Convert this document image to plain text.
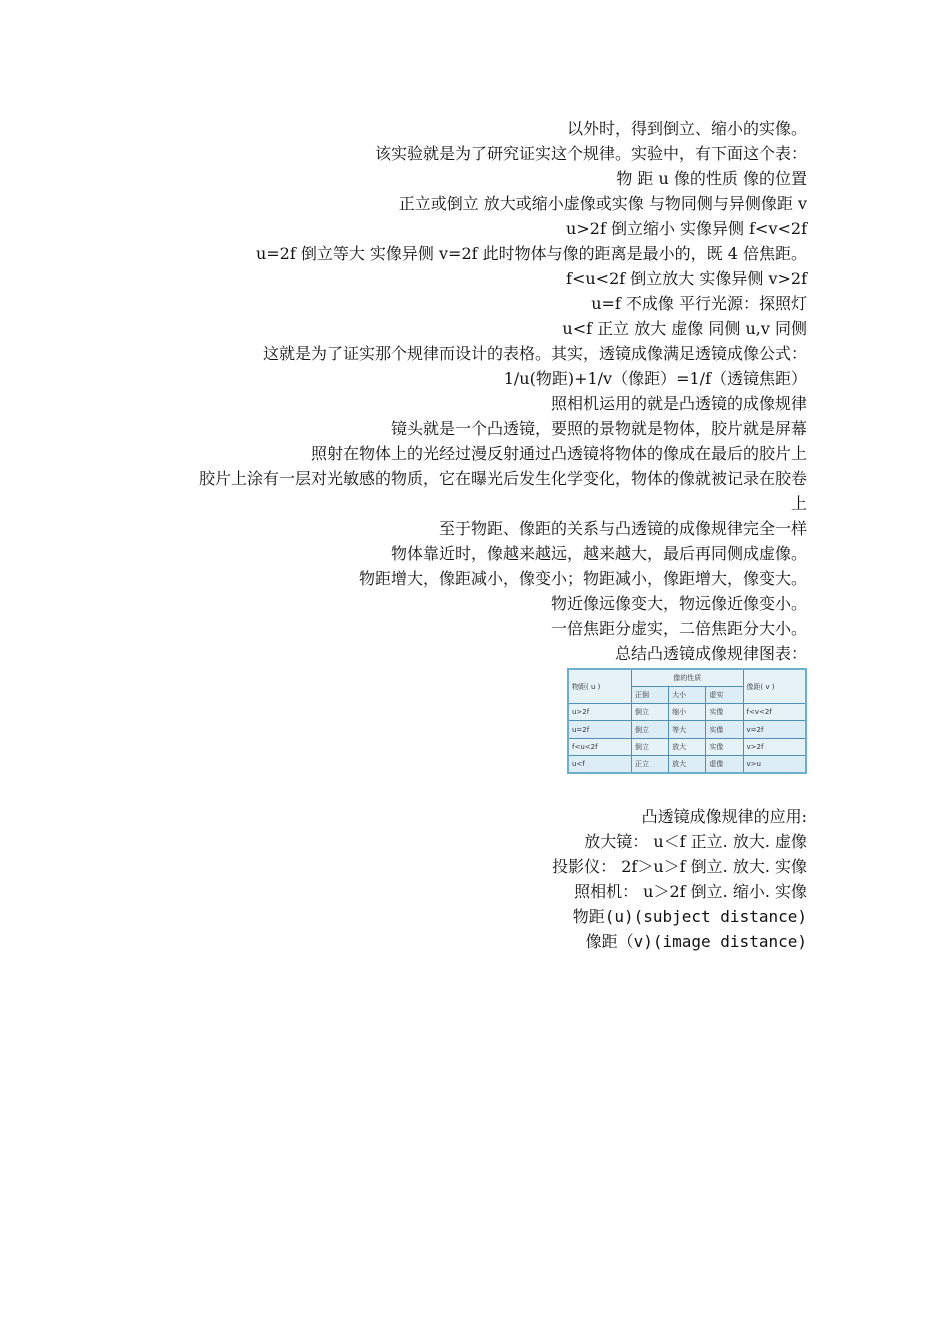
以外时，得到倒立、缩小的实像。
该实验就是为了研究证实这个规律。实验中，有下面这个表：
物 距 u 像的性质 像的位置
正立或倒立 放大或缩小虚像或实像 与物同侧与异侧像距 v
u>2f 倒立缩小 实像异侧 f<v<2f
u=2f 倒立等大 实像异侧 v=2f 此时物体与像的距离是最小的，既 4 倍焦距。
f<u<2f 倒立放大 实像异侧 v>2f
u=f 不成像 平行光源：探照灯
u<f 正立 放大 虚像 同侧 u,v 同侧
这就是为了证实那个规律而设计的表格。其实，透镜成像满足透镜成像公式：
1/u(物距)+1/v（像距）=1/f（透镜焦距）
照相机运用的就是凸透镜的成像规律
镜头就是一个凸透镜，要照的景物就是物体，胶片就是屏幕
照射在物体上的光经过漫反射通过凸透镜将物体的像成在最后的胶片上
胶片上涂有一层对光敏感的物质，它在曝光后发生化学变化，物体的像就被记录在胶卷上
至于物距、像距的关系与凸透镜的成像规律完全一样
物体靠近时，像越来越远，越来越大，最后再同侧成虚像。
物距增大，像距减小，像变小；物距减小，像距增大，像变大。
物近像远像变大，物远像近像变小。
一倍焦距分虚实，二倍焦距分大小。
总结凸透镜成像规律图表：
物距( u )	像的性质			像距( v )
	正倒	大小	虚实	
u>2f	倒立	缩小	实像	f<v<2f
u=2f	倒立	等大	实像	v=2f
f<u<2f	倒立	放大	实像	v>2f
u<f	正立	放大	虚像	v>u
凸透镜成像规律的应用:
放大镜： u＜f 正立. 放大. 虚像
投影仪： 2f＞u＞f 倒立. 放大. 实像
照相机： u＞2f 倒立. 缩小. 实像
物距(u)(subject distance)
像距（v)(image distance)
